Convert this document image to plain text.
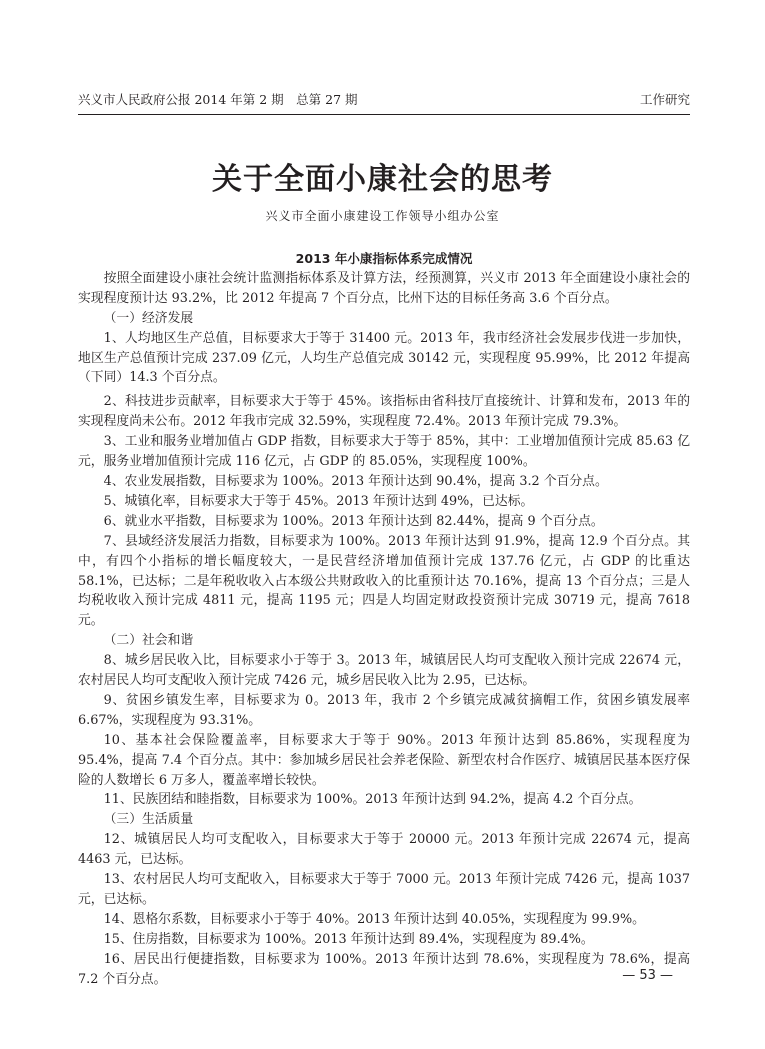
兴义市人民政府公报 2014 年第 2 期　总第 27 期	工作研究
关于全面小康社会的思考
兴义市全面小康建设工作领导小组办公室

2013 年小康指标体系完成情况

按照全面建设小康社会统计监测指标体系及计算方法，经预测算，兴义市 2013 年全面建设小康社会的实现程度预计达 93.2%，比 2012 年提高 7 个百分点，比州下达的目标任务高 3.6 个百分点。

（一）经济发展

1、人均地区生产总值，目标要求大于等于 31400 元。2013 年，我市经济社会发展步伐进一步加快，地区生产总值预计完成 237.09 亿元，人均生产总值完成 30142 元，实现程度 95.99%，比 2012 年提高（下同）14.3 个百分点。

2、科技进步贡献率，目标要求大于等于 45%。该指标由省科技厅直接统计、计算和发布，2013 年的实现程度尚未公布。2012 年我市完成 32.59%，实现程度 72.4%。2013 年预计完成 79.3%。

3、工业和服务业增加值占 GDP 指数，目标要求大于等于 85%，其中：工业增加值预计完成 85.63 亿元，服务业增加值预计完成 116 亿元，占 GDP 的 85.05%，实现程度 100%。

4、农业发展指数，目标要求为 100%。2013 年预计达到 90.4%，提高 3.2 个百分点。

5、城镇化率，目标要求大于等于 45%。2013 年预计达到 49%，已达标。

6、就业水平指数，目标要求为 100%。2013 年预计达到 82.44%，提高 9 个百分点。

7、县域经济发展活力指数，目标要求为 100%。2013 年预计达到 91.9%，提高 12.9 个百分点。其中，有四个小指标的增长幅度较大，一是民营经济增加值预计完成 137.76 亿元，占 GDP 的比重达 58.1%，已达标；二是年税收收入占本级公共财政收入的比重预计达 70.16%，提高 13 个百分点；三是人均税收收入预计完成 4811 元，提高 1195 元；四是人均固定财政投资预计完成 30719 元，提高 7618 元。

（二）社会和谐

8、城乡居民收入比，目标要求小于等于 3。2013 年，城镇居民人均可支配收入预计完成 22674 元，农村居民人均可支配收入预计完成 7426 元，城乡居民收入比为 2.95，已达标。

9、贫困乡镇发生率，目标要求为 0。2013 年，我市 2 个乡镇完成减贫摘帽工作，贫困乡镇发展率 6.67%，实现程度为 93.31%。

10、基本社会保险覆盖率，目标要求大于等于 90%。2013 年预计达到 85.86%，实现程度为 95.4%，提高 7.4 个百分点。其中：参加城乡居民社会养老保险、新型农村合作医疗、城镇居民基本医疗保险的人数增长 6 万多人，覆盖率增长较快。

11、民族团结和睦指数，目标要求为 100%。2013 年预计达到 94.2%，提高 4.2 个百分点。

（三）生活质量

12、城镇居民人均可支配收入，目标要求大于等于 20000 元。2013 年预计完成 22674 元，提高 4463 元，已达标。

13、农村居民人均可支配收入，目标要求大于等于 7000 元。2013 年预计完成 7426 元，提高 1037 元，已达标。

14、恩格尔系数，目标要求小于等于 40%。2013 年预计达到 40.05%，实现程度为 99.9%。

15、住房指数，目标要求为 100%。2013 年预计达到 89.4%，实现程度为 89.4%。

16、居民出行便捷指数，目标要求为 100%。2013 年预计达到 78.6%，实现程度为 78.6%，提高 7.2 个百分点。	— 53 —
